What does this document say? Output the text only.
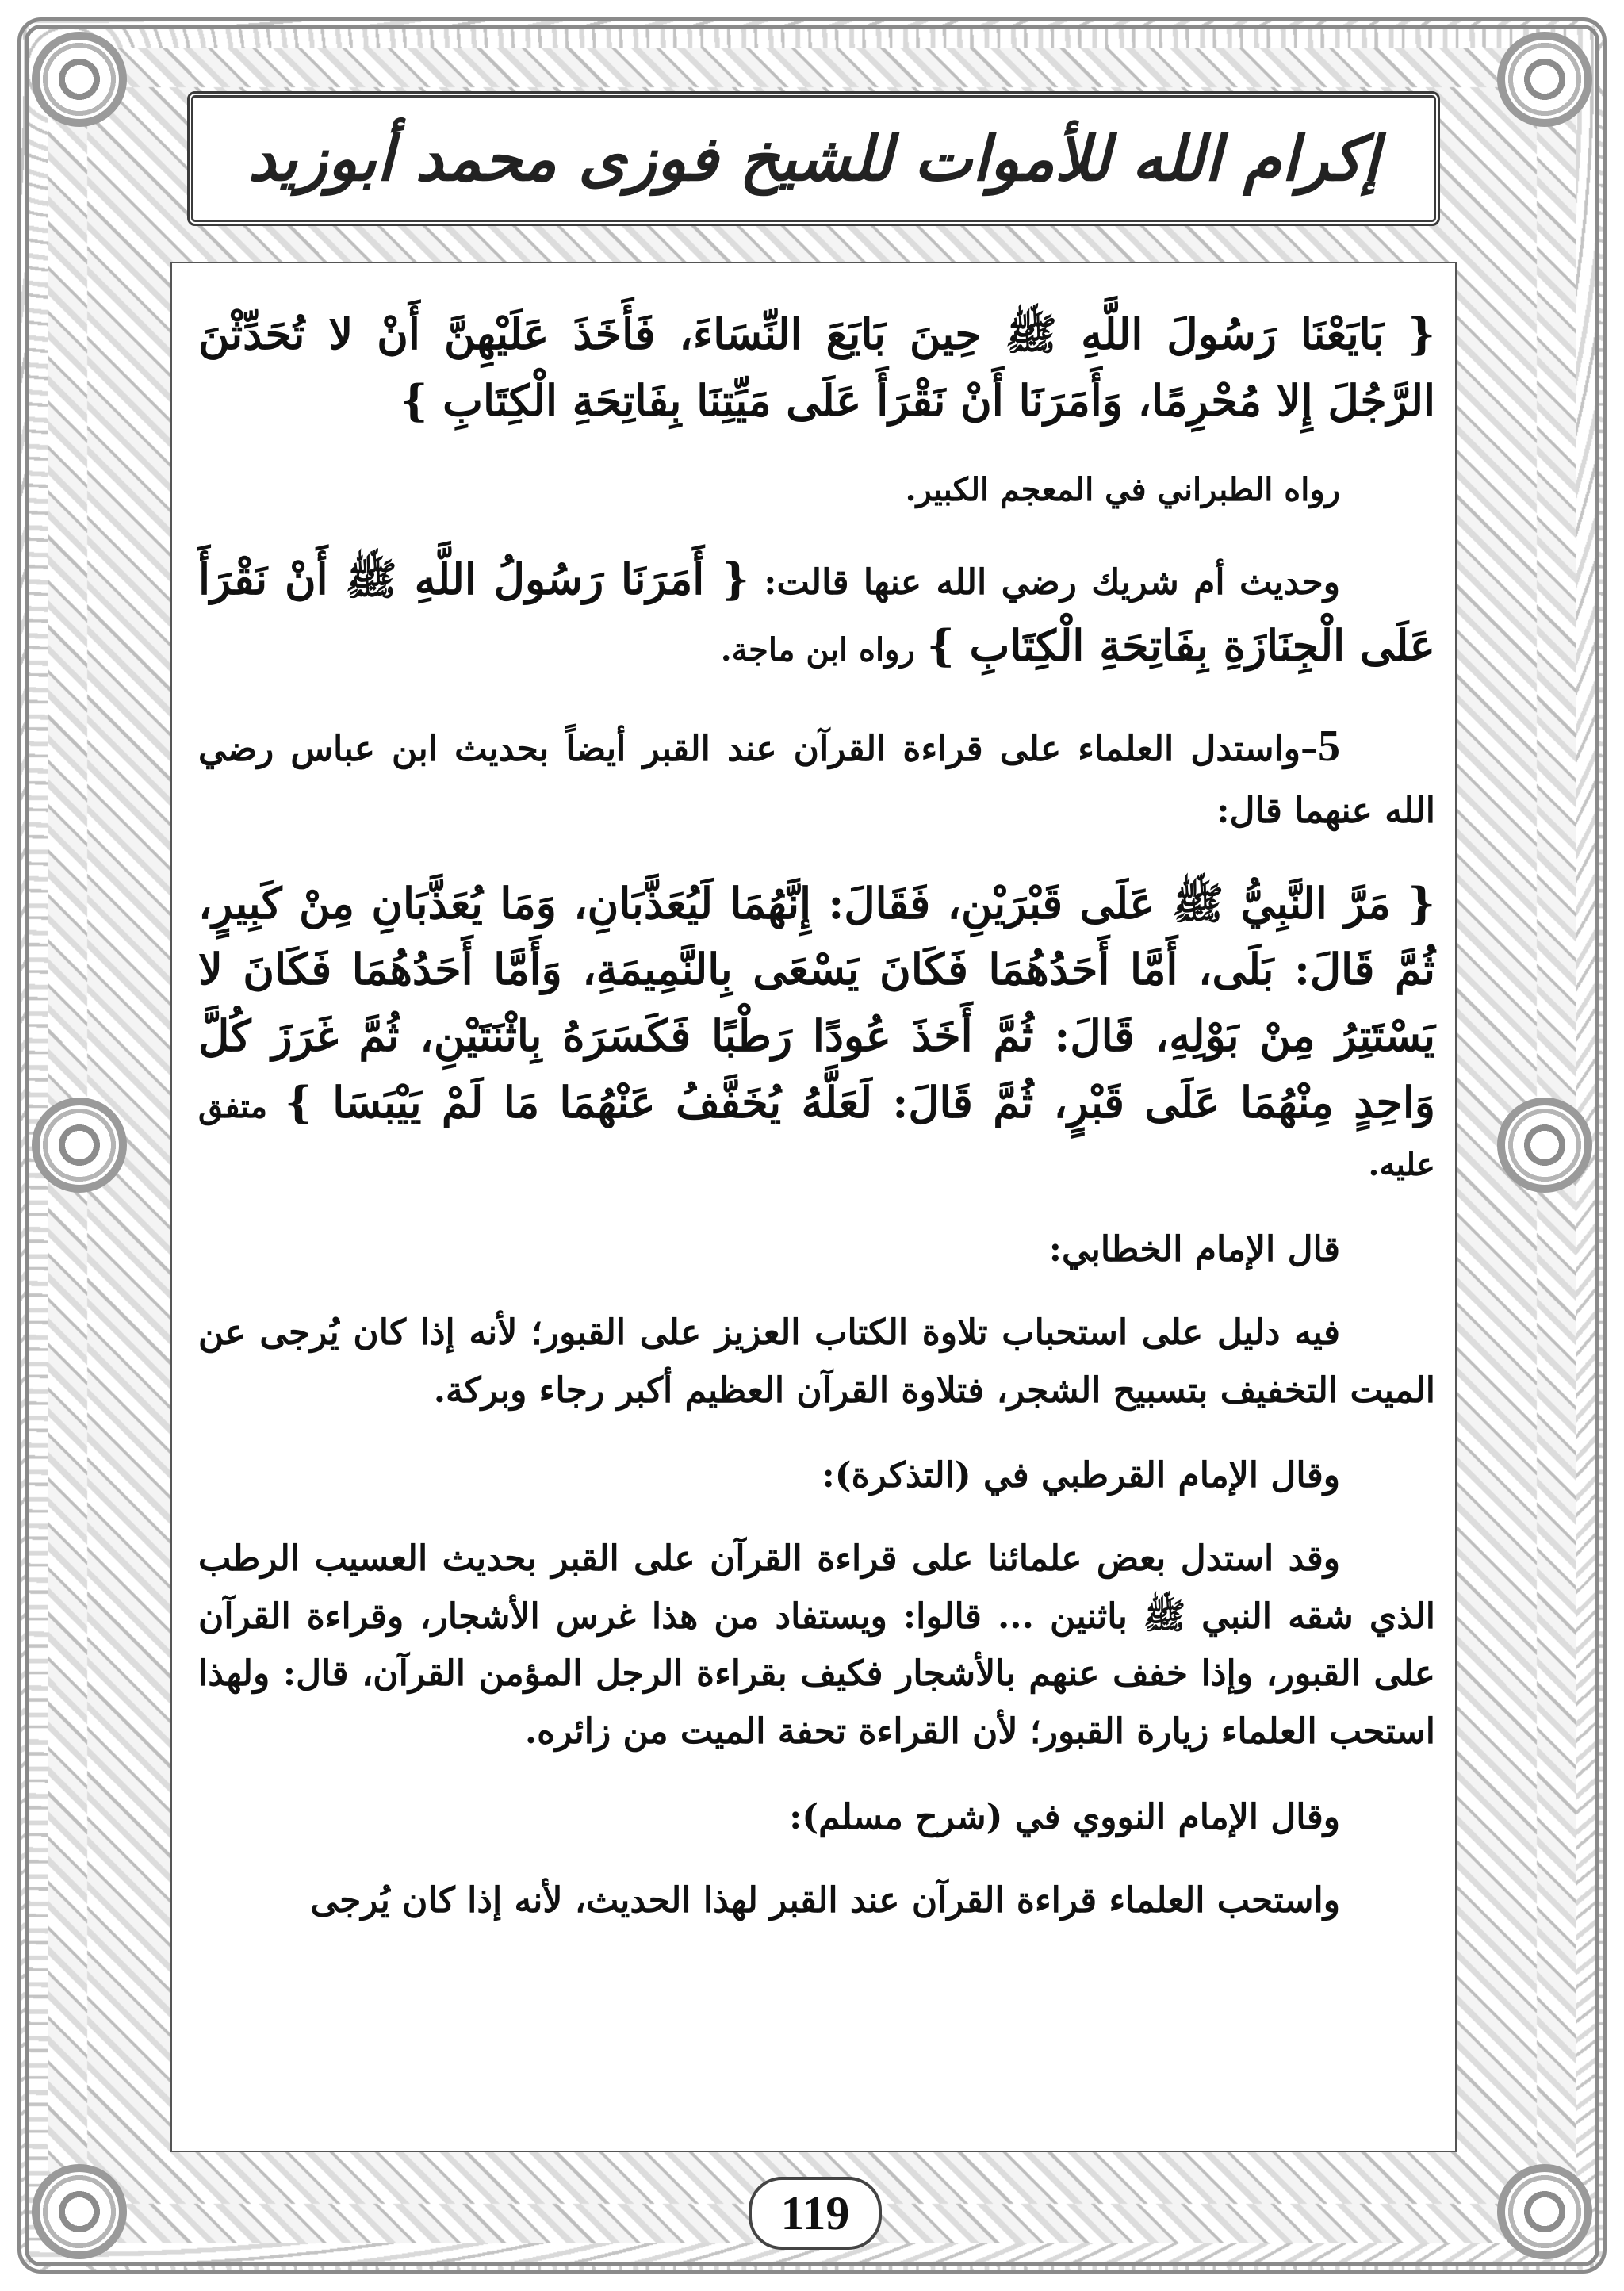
إكرام الله للأموات للشيخ فوزى محمد أبوزيد

{ بَايَعْنَا رَسُولَ اللَّهِ ﷺ حِينَ بَايَعَ النِّسَاءَ، فَأَخَذَ عَلَيْهِنَّ أَنْ لا تُحَدِّثْنَ الرَّجُلَ إِلا مُحْرِمًا، وَأَمَرَنَا أَنْ نَقْرَأَ عَلَى مَيِّتِنَا بِفَاتِحَةِ الْكِتَابِ }

رواه الطبراني في المعجم الكبير.

وحديث أم شريك رضي الله عنها قالت: { أَمَرَنَا رَسُولُ اللَّهِ ﷺ أَنْ نَقْرَأَ عَلَى الْجِنَازَةِ بِفَاتِحَةِ الْكِتَابِ } رواه ابن ماجة.

5–واستدل العلماء على قراءة القرآن عند القبر أيضاً بحديث ابن عباس رضي الله عنهما قال:

{ مَرَّ النَّبِيُّ ﷺ عَلَى قَبْرَيْنِ، فَقَالَ: إِنَّهُمَا لَيُعَذَّبَانِ، وَمَا يُعَذَّبَانِ مِنْ كَبِيرٍ، ثُمَّ قَالَ: بَلَى، أَمَّا أَحَدُهُمَا فَكَانَ يَسْعَى بِالنَّمِيمَةِ، وَأَمَّا أَحَدُهُمَا فَكَانَ لا يَسْتَتِرُ مِنْ بَوْلِهِ، قَالَ: ثُمَّ أَخَذَ عُودًا رَطْبًا فَكَسَرَهُ بِاثْنَتَيْنِ، ثُمَّ غَرَزَ كُلَّ وَاحِدٍ مِنْهُمَا عَلَى قَبْرٍ، ثُمَّ قَالَ: لَعَلَّهُ يُخَفَّفُ عَنْهُمَا مَا لَمْ يَيْبَسَا } متفق عليه.

قال الإمام الخطابي:

فيه دليل على استحباب تلاوة الكتاب العزيز على القبور؛ لأنه إذا كان يُرجى عن الميت التخفيف بتسبيح الشجر، فتلاوة القرآن العظيم أكبر رجاء وبركة.

وقال الإمام القرطبي في (التذكرة):

وقد استدل بعض علمائنا على قراءة القرآن على القبر بحديث العسيب الرطب الذي شقه النبي ﷺ باثنين ... قالوا: ويستفاد من هذا غرس الأشجار، وقراءة القرآن على القبور، وإذا خفف عنهم بالأشجار فكيف بقراءة الرجل المؤمن القرآن، قال: ولهذا استحب العلماء زيارة القبور؛ لأن القراءة تحفة الميت من زائره.

وقال الإمام النووي في (شرح مسلم):

واستحب العلماء قراءة القرآن عند القبر لهذا الحديث، لأنه إذا كان يُرجى

119
